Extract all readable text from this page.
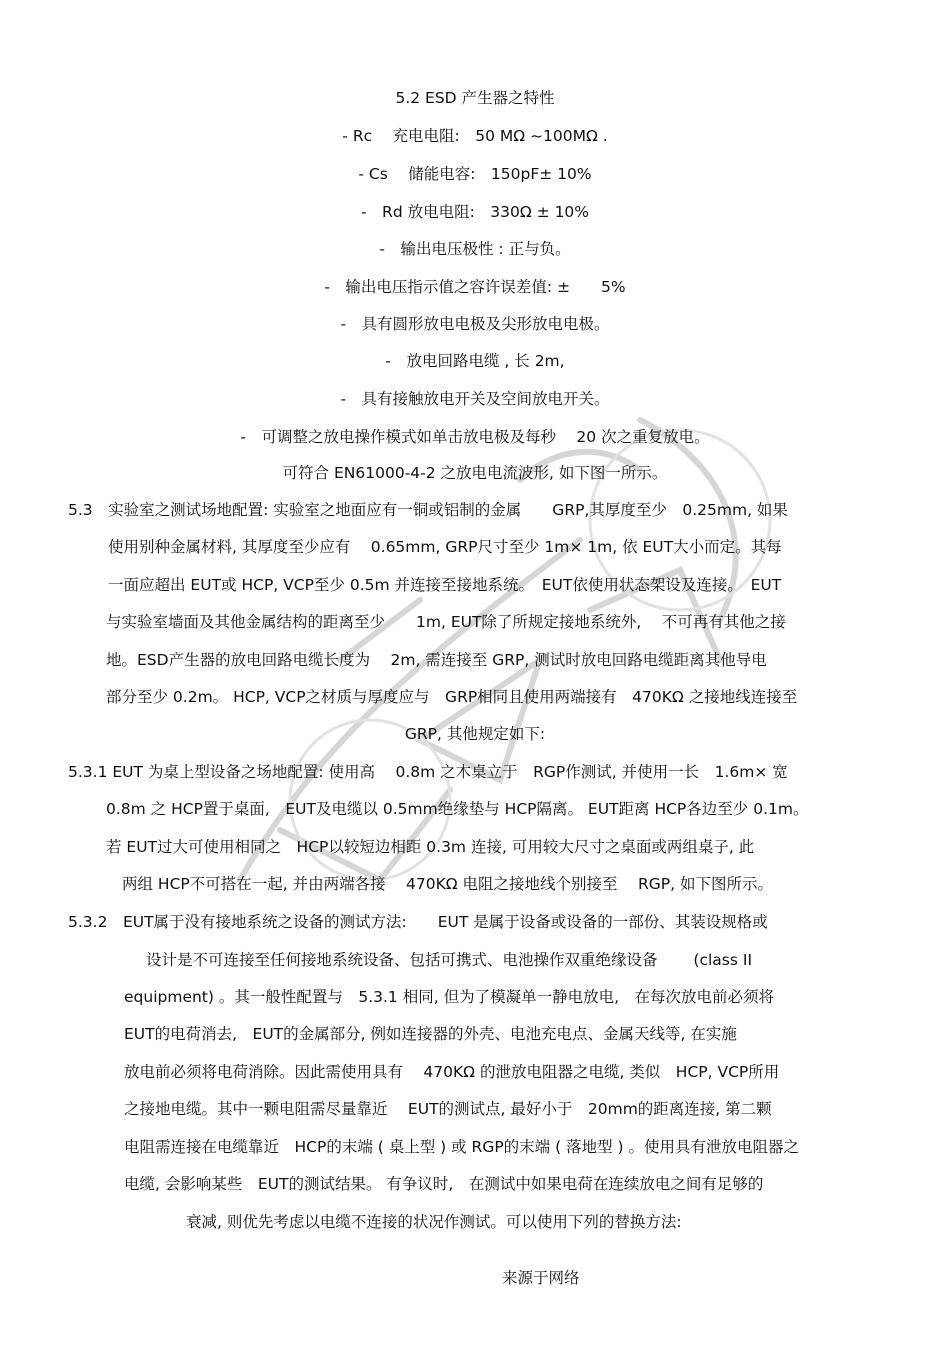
5.2 ESD 产生器之特性
- Rc　 充电电阻:　50 MΩ ~100MΩ .
- Cs　 储能电容:　150pF± 10%
-　Rd 放电电阻:　330Ω ± 10%
-　输出电压极性 : 正与负。
-　输出电压指示值之容许误差值: ±　　5%
-　具有圆形放电电极及尖形放电电极。
-　放电回路电缆 , 长 2m,
-　具有接触放电开关及空间放电开关。
-　可调整之放电操作模式如单击放电极及每秒　 20 次之重复放电。
可符合 EN61000-4-2 之放电电流波形, 如下图一所示。
5.3　实验室之测试场地配置: 实验室之地面应有一铜或铝制的金属　　GRP,其厚度至少　0.25mm, 如果
使用别种金属材料, 其厚度至少应有　 0.65mm, GRP尺寸至少 1m× 1m, 依 EUT大小而定。其每
一面应超出 EUT或 HCP, VCP至少 0.5m 并连接至接地系统。　EUT依使用状态架设及连接。　EUT
与实验室墙面及其他金属结构的距离至少　　1m, EUT除了所规定接地系统外,　 不可再有其他之接
地。ESD产生器的放电回路电缆长度为　 2m, 需连接至 GRP, 测试时放电回路电缆距离其他导电
部分至少 0.2m。 HCP, VCP之材质与厚度应与　GRP相同且使用两端接有　470KΩ 之接地线连接至
GRP, 其他规定如下:
5.3.1 EUT 为桌上型设备之场地配置: 使用高　 0.8m 之木桌立于　RGP作测试, 并使用一长　1.6m× 宽
0.8m 之 HCP置于桌面,　EUT及电缆以 0.5mm绝缘垫与 HCP隔离。 EUT距离 HCP各边至少 0.1m。
若 EUT过大可使用相同之　HCP以较短边相距 0.3m 连接, 可用较大尺寸之桌面或两组桌子, 此
两组 HCP不可搭在一起, 并由两端各接　 470KΩ 电阻之接地线个别接至　 RGP, 如下图所示。
5.3.2　EUT属于没有接地系统之设备的测试方法:　　EUT 是属于设备或设备的一部份、其装设规格或
设计是不可连接至任何接地系统设备、包括可携式、电池操作双重绝缘设备　　 (class II
equipment) 。其一般性配置与　5.3.1 相同, 但为了模凝单一静电放电,　在每次放电前必须将
EUT的电荷消去,　EUT的金属部分, 例如连接器的外壳、电池充电点、金属天线等, 在实施
放电前必须将电荷消除。因此需使用具有　 470KΩ 的泄放电阻器之电缆, 类似　HCP, VCP所用
之接地电缆。其中一颗电阻需尽量靠近　 EUT的测试点, 最好小于　20mm的距离连接, 第二颗
电阻需连接在电缆靠近　HCP的末端 ( 桌上型 ) 或 RGP的末端 ( 落地型 ) 。使用具有泄放电阻器之
电缆, 会影响某些　EUT的测试结果。 有争议时,　在测试中如果电荷在连续放电之间有足够的
衰减, 则优先考虑以电缆不连接的状况作测试。可以使用下列的替换方法:
来源于网络
